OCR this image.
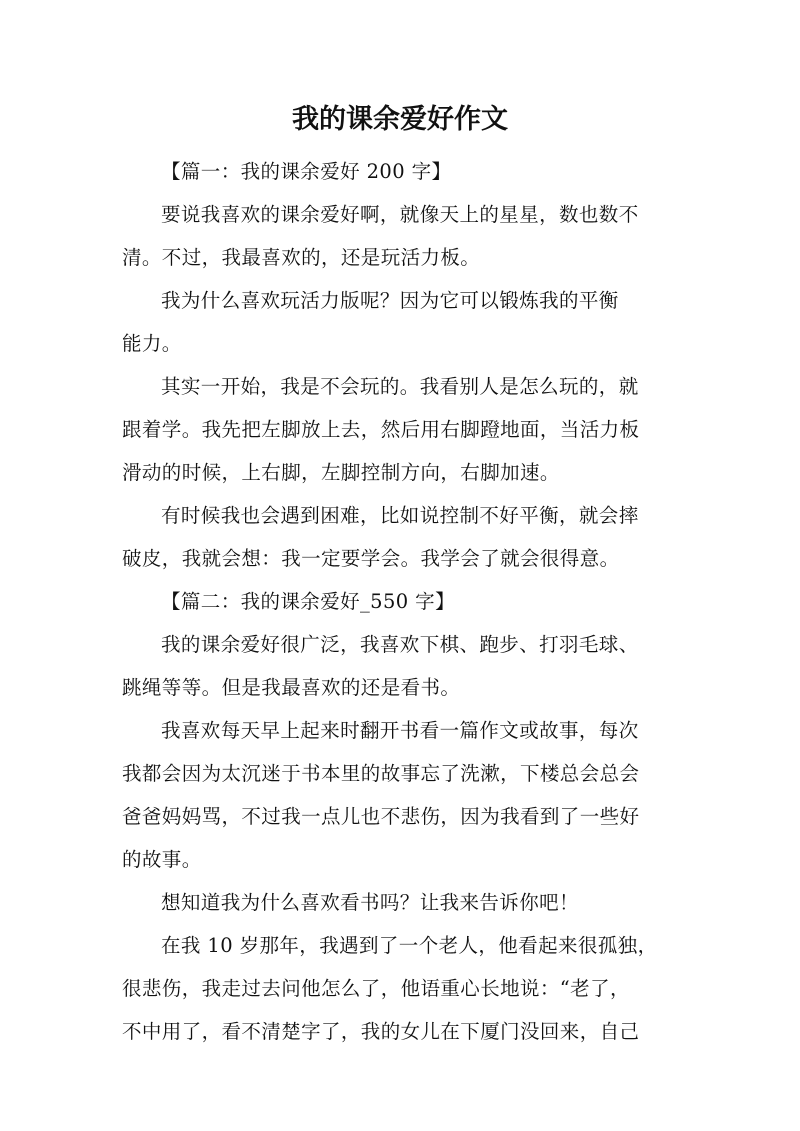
我的课余爱好作文

【篇一：我的课余爱好 200 字】

要说我喜欢的课余爱好啊，就像天上的星星，数也数不
清。不过，我最喜欢的，还是玩活力板。

我为什么喜欢玩活力版呢？因为它可以锻炼我的平衡
能力。

其实一开始，我是不会玩的。我看别人是怎么玩的，就
跟着学。我先把左脚放上去，然后用右脚蹬地面，当活力板
滑动的时候，上右脚，左脚控制方向，右脚加速。

有时候我也会遇到困难，比如说控制不好平衡，就会摔
破皮，我就会想：我一定要学会。我学会了就会很得意。

【篇二：我的课余爱好_550 字】

我的课余爱好很广泛，我喜欢下棋、跑步、打羽毛球、
跳绳等等。但是我最喜欢的还是看书。

我喜欢每天早上起来时翻开书看一篇作文或故事，每次
我都会因为太沉迷于书本里的故事忘了洗漱，下楼总会总会
爸爸妈妈骂，不过我一点儿也不悲伤，因为我看到了一些好
的故事。

想知道我为什么喜欢看书吗？让我来告诉你吧！

在我 10 岁那年，我遇到了一个老人，他看起来很孤独，
很悲伤，我走过去问他怎么了，他语重心长地说：“老了，
不中用了，看不清楚字了，我的女儿在下厦门没回来，自己
